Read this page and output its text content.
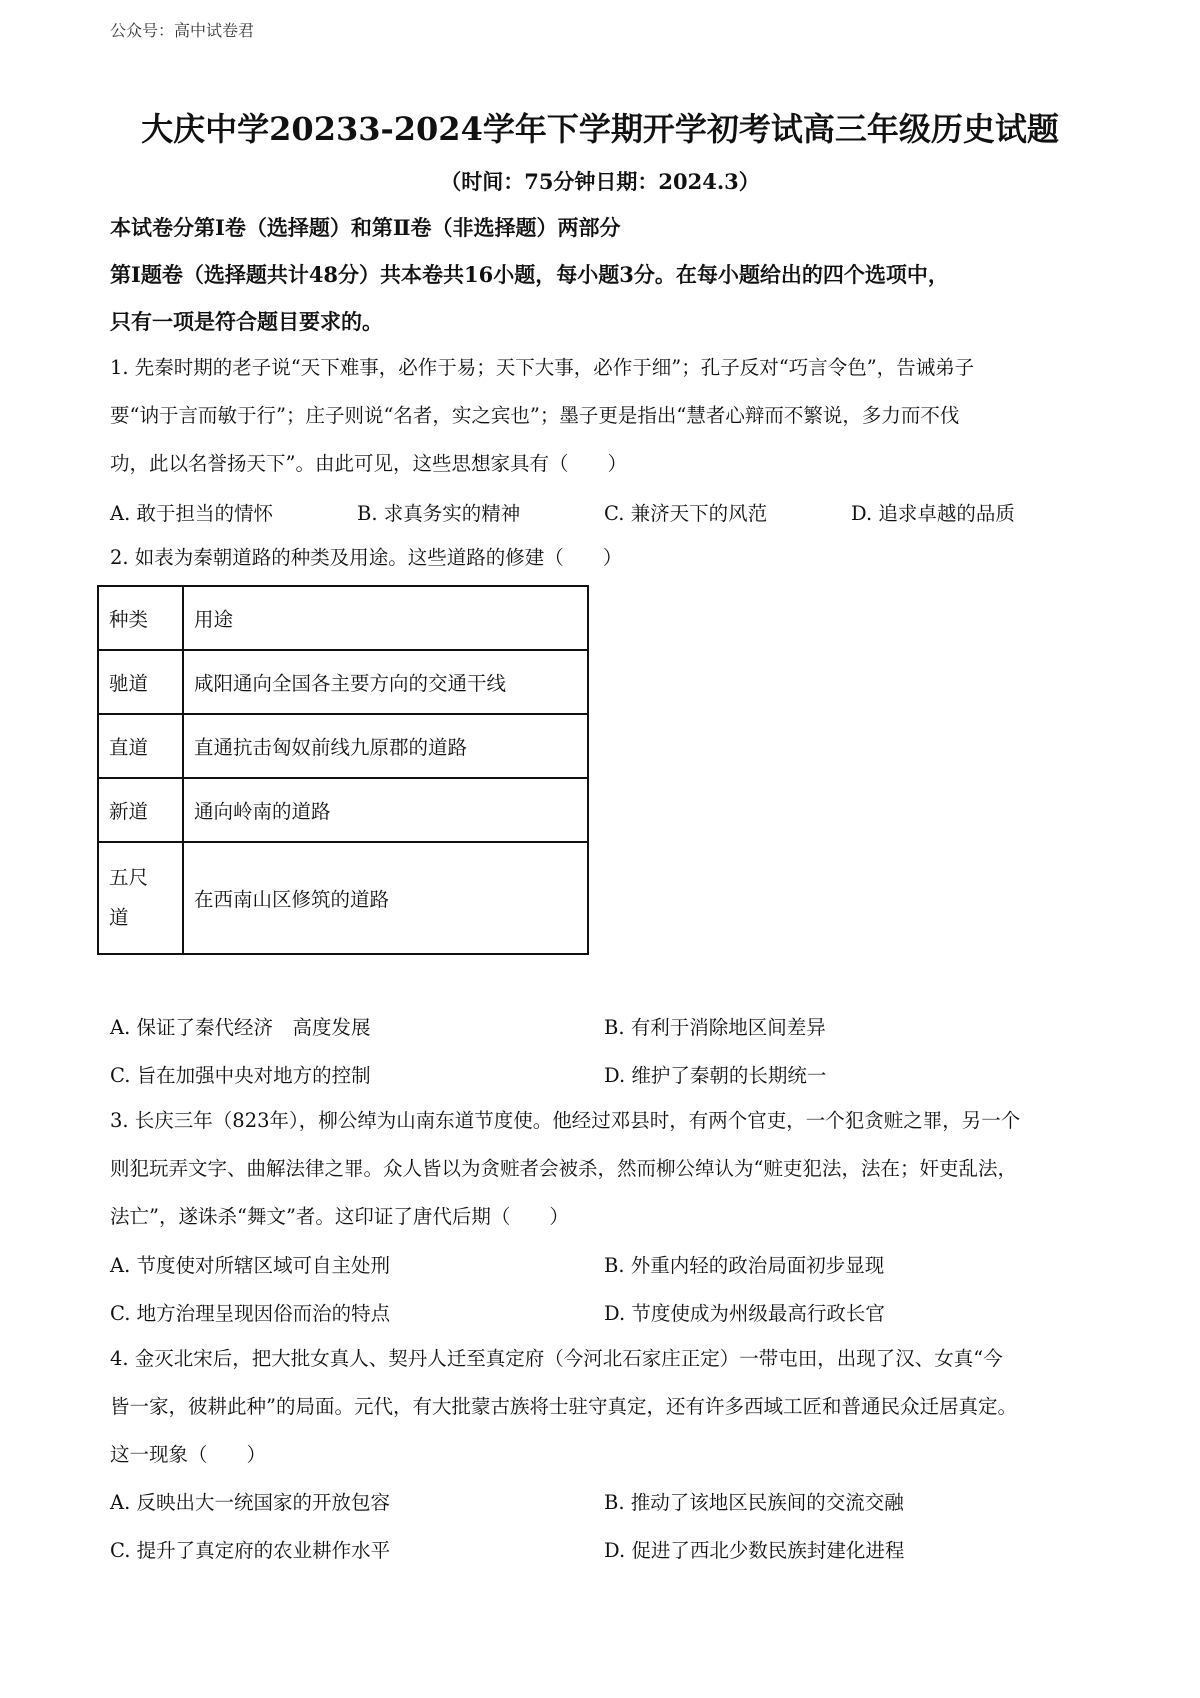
公众号：高中试卷君
大庆中学20233-2024学年下学期开学初考试高三年级历史试题
（时间：75分钟日期：2024.3）
本试卷分第Ⅰ卷（选择题）和第Ⅱ卷（非选择题）两部分
第Ⅰ题卷（选择题共计48分）共本卷共16小题，每小题3分。在每小题给出的四个选项中，
只有一项是符合题目要求的。
1. 先秦时期的老子说“天下难事，必作于易；天下大事，必作于细”；孔子反对“巧言令色”，告诫弟子
要“讷于言而敏于行”；庄子则说“名者，实之宾也”；墨子更是指出“慧者心辩而不繁说，多力而不伐
功，此以名誉扬天下”。由此可见，这些思想家具有（　　）
A. 敢于担当的情怀	B. 求真务实的精神	C. 兼济天下的风范	D. 追求卓越的品质
2. 如表为秦朝道路的种类及用途。这些道路的修建（　　）
种类	用途
驰道	咸阳通向全国各主要方向的交通干线
直道	直通抗击匈奴前线九原郡的道路
新道	通向岭南的道路

五尺
道	在西南山区修筑的道路
A. 保证了秦代经济　高度发展	B. 有利于消除地区间差异
C. 旨在加强中央对地方的控制	D. 维护了秦朝的长期统一
3. 长庆三年（823年），柳公绰为山南东道节度使。他经过邓县时，有两个官吏，一个犯贪赃之罪，另一个
则犯玩弄文字、曲解法律之罪。众人皆以为贪赃者会被杀，然而柳公绰认为“赃吏犯法，法在；奸吏乱法，
法亡”，遂诛杀“舞文”者。这印证了唐代后期（　　）
A. 节度使对所辖区域可自主处刑	B. 外重内轻的政治局面初步显现
C. 地方治理呈现因俗而治的特点	D. 节度使成为州级最高行政长官
4. 金灭北宋后，把大批女真人、契丹人迁至真定府（今河北石家庄正定）一带屯田，出现了汉、女真“今
皆一家，彼耕此种”的局面。元代，有大批蒙古族将士驻守真定，还有许多西域工匠和普通民众迁居真定。
这一现象（　　）
A. 反映出大一统国家的开放包容	B. 推动了该地区民族间的交流交融
C. 提升了真定府的农业耕作水平	D. 促进了西北少数民族封建化进程
